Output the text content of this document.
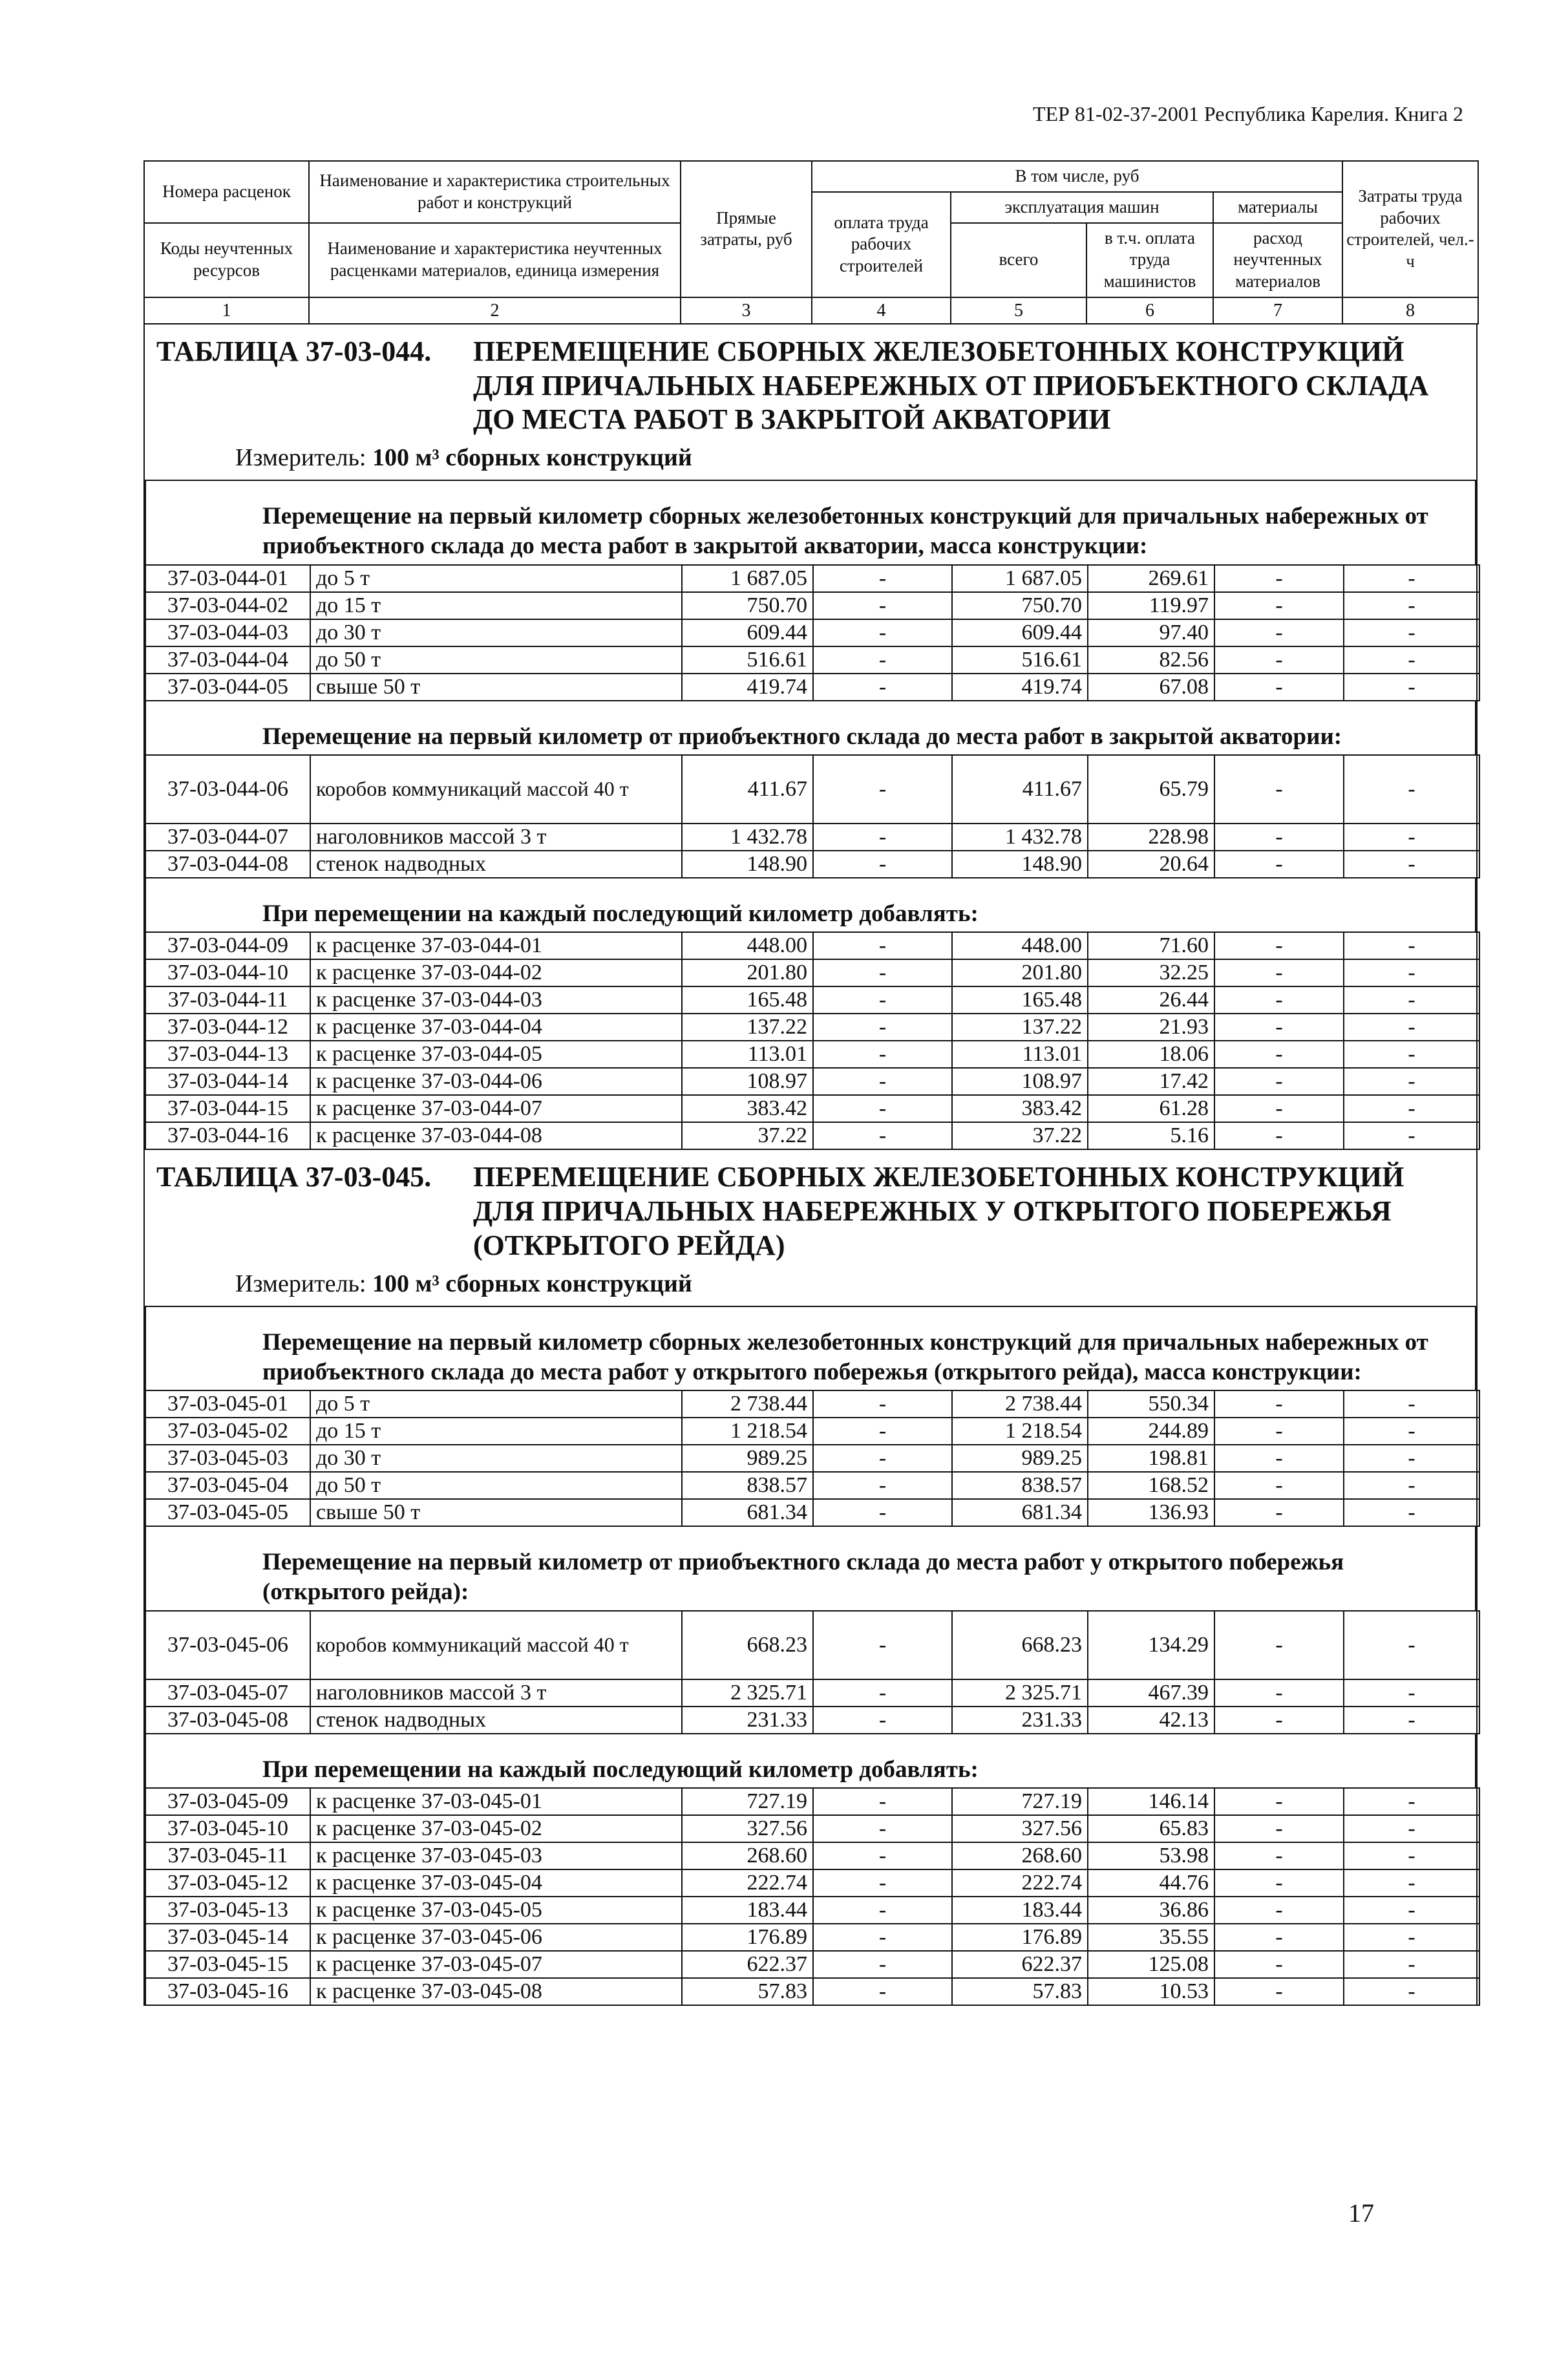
ТЕР 81-02-37-2001 Республика Карелия. Книга 2
Номера расценок	Наименование и характеристика строительных работ и конструкций	Прямые затраты, руб	В том числе, руб				Затраты труда рабочих строителей, чел.-ч
			оплата труда рабочих строителей	эксплуатация машин		материалы	
Коды неучтенных ресурсов	Наименование и характеристика неучтенных расценками материалов, единица измерения			всего	в т.ч. оплата труда машинистов	расход неучтенных материалов	

1	2	3	4	5	6	7	8
ТАБЛИЦА 37-03-044. ПЕРЕМЕЩЕНИЕ СБОРНЫХ ЖЕЛЕЗОБЕТОННЫХ КОНСТРУКЦИЙ ДЛЯ ПРИЧАЛЬНЫХ НАБЕРЕЖНЫХ ОТ ПРИОБЪЕКТНОГО СКЛАДА ДО МЕСТА РАБОТ В ЗАКРЫТОЙ АКВАТОРИИ
Измеритель: 100 м³ сборных конструкций
Перемещение на первый километр сборных железобетонных конструкций для причальных набережных от приобъектного склада до места работ в закрытой акватории, масса конструкции:
37-03-044-01	до 5 т	1 687.05	-	1 687.05	269.61	-	-
37-03-044-02	до 15 т	750.70	-	750.70	119.97	-	-
37-03-044-03	до 30 т	609.44	-	609.44	97.40	-	-
37-03-044-04	до 50 т	516.61	-	516.61	82.56	-	-
37-03-044-05	свыше 50 т	419.74	-	419.74	67.08	-	-
Перемещение на первый километр от приобъектного склада до места работ в закрытой акватории:
37-03-044-06	коробов коммуникаций массой 40 т	411.67	-	411.67	65.79	-	-
37-03-044-07	наголовников массой 3 т	1 432.78	-	1 432.78	228.98	-	-
37-03-044-08	стенок надводных	148.90	-	148.90	20.64	-	-
При перемещении на каждый последующий километр добавлять:
37-03-044-09	к расценке 37-03-044-01	448.00	-	448.00	71.60	-	-
37-03-044-10	к расценке 37-03-044-02	201.80	-	201.80	32.25	-	-
37-03-044-11	к расценке 37-03-044-03	165.48	-	165.48	26.44	-	-
37-03-044-12	к расценке 37-03-044-04	137.22	-	137.22	21.93	-	-
37-03-044-13	к расценке 37-03-044-05	113.01	-	113.01	18.06	-	-
37-03-044-14	к расценке 37-03-044-06	108.97	-	108.97	17.42	-	-
37-03-044-15	к расценке 37-03-044-07	383.42	-	383.42	61.28	-	-
37-03-044-16	к расценке 37-03-044-08	37.22	-	37.22	5.16	-	-
ТАБЛИЦА 37-03-045. ПЕРЕМЕЩЕНИЕ СБОРНЫХ ЖЕЛЕЗОБЕТОННЫХ КОНСТРУКЦИЙ ДЛЯ ПРИЧАЛЬНЫХ НАБЕРЕЖНЫХ У ОТКРЫТОГО ПОБЕРЕЖЬЯ (ОТКРЫТОГО РЕЙДА)
Измеритель: 100 м³ сборных конструкций
Перемещение на первый километр сборных железобетонных конструкций для причальных набережных от приобъектного склада до места работ у открытого побережья (открытого рейда), масса конструкции:
37-03-045-01	до 5 т	2 738.44	-	2 738.44	550.34	-	-
37-03-045-02	до 15 т	1 218.54	-	1 218.54	244.89	-	-
37-03-045-03	до 30 т	989.25	-	989.25	198.81	-	-
37-03-045-04	до 50 т	838.57	-	838.57	168.52	-	-
37-03-045-05	свыше 50 т	681.34	-	681.34	136.93	-	-
Перемещение на первый километр от приобъектного склада до места работ у открытого побережья (открытого рейда):
37-03-045-06	коробов коммуникаций массой 40 т	668.23	-	668.23	134.29	-	-
37-03-045-07	наголовников массой 3 т	2 325.71	-	2 325.71	467.39	-	-
37-03-045-08	стенок надводных	231.33	-	231.33	42.13	-	-
При перемещении на каждый последующий километр добавлять:
37-03-045-09	к расценке 37-03-045-01	727.19	-	727.19	146.14	-	-
37-03-045-10	к расценке 37-03-045-02	327.56	-	327.56	65.83	-	-
37-03-045-11	к расценке 37-03-045-03	268.60	-	268.60	53.98	-	-
37-03-045-12	к расценке 37-03-045-04	222.74	-	222.74	44.76	-	-
37-03-045-13	к расценке 37-03-045-05	183.44	-	183.44	36.86	-	-
37-03-045-14	к расценке 37-03-045-06	176.89	-	176.89	35.55	-	-
37-03-045-15	к расценке 37-03-045-07	622.37	-	622.37	125.08	-	-
37-03-045-16	к расценке 37-03-045-08	57.83	-	57.83	10.53	-	-
17
